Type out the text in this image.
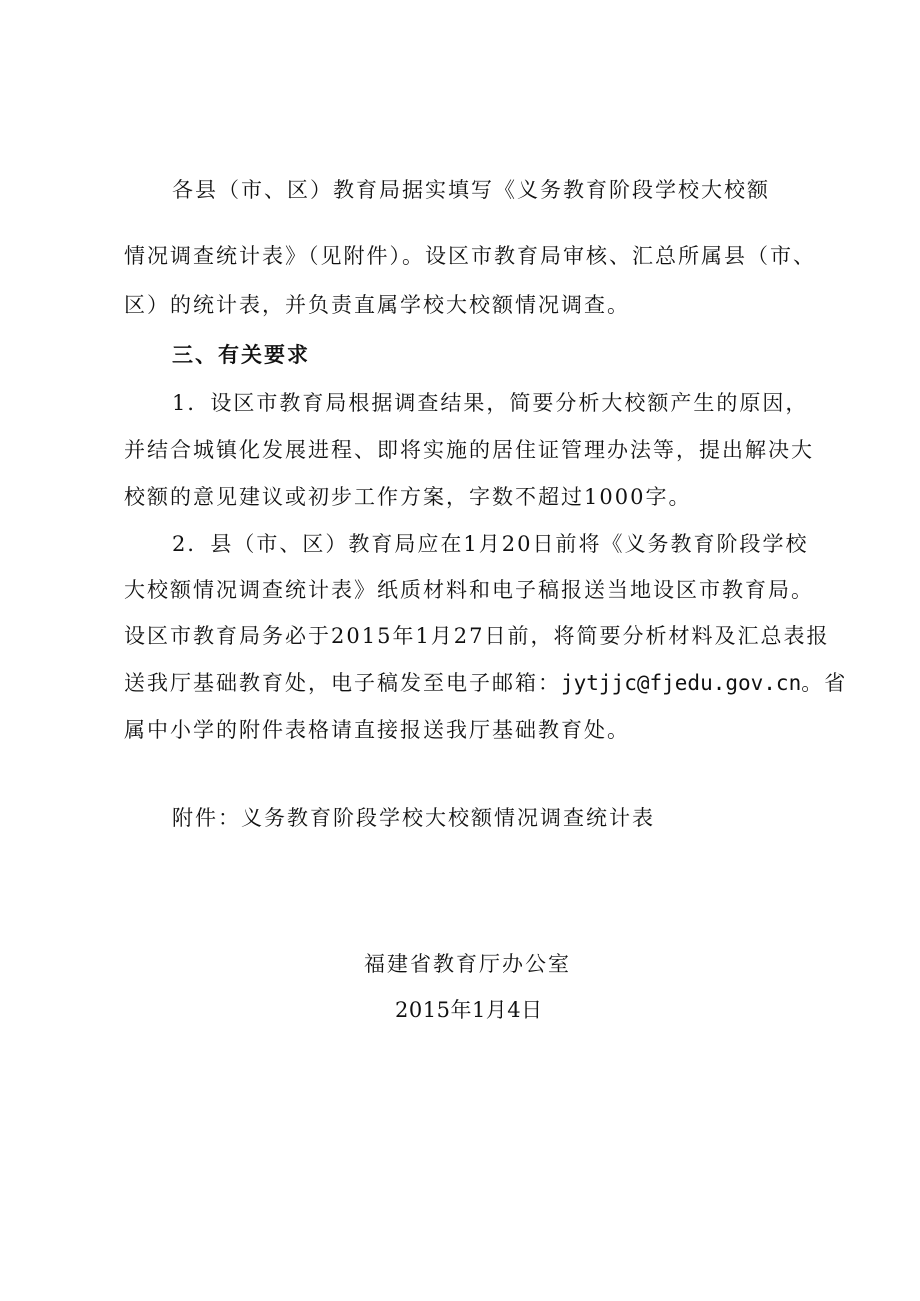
各县（市、区）教育局据实填写《义务教育阶段学校大校额
情况调查统计表》（见附件）。设区市教育局审核、汇总所属县（市、
区）的统计表，并负责直属学校大校额情况调查。
三、有关要求
1．设区市教育局根据调查结果，简要分析大校额产生的原因，
并结合城镇化发展进程、即将实施的居住证管理办法等，提出解决大
校额的意见建议或初步工作方案，字数不超过1000字。
2．县（市、区）教育局应在1月20日前将《义务教育阶段学校
大校额情况调查统计表》纸质材料和电子稿报送当地设区市教育局。
设区市教育局务必于2015年1月27日前，将简要分析材料及汇总表报
送我厅基础教育处，电子稿发至电子邮箱：jytjjc@fjedu.gov.cn。省
属中小学的附件表格请直接报送我厅基础教育处。
附件：义务教育阶段学校大校额情况调查统计表
福建省教育厅办公室
2015年1月4日
